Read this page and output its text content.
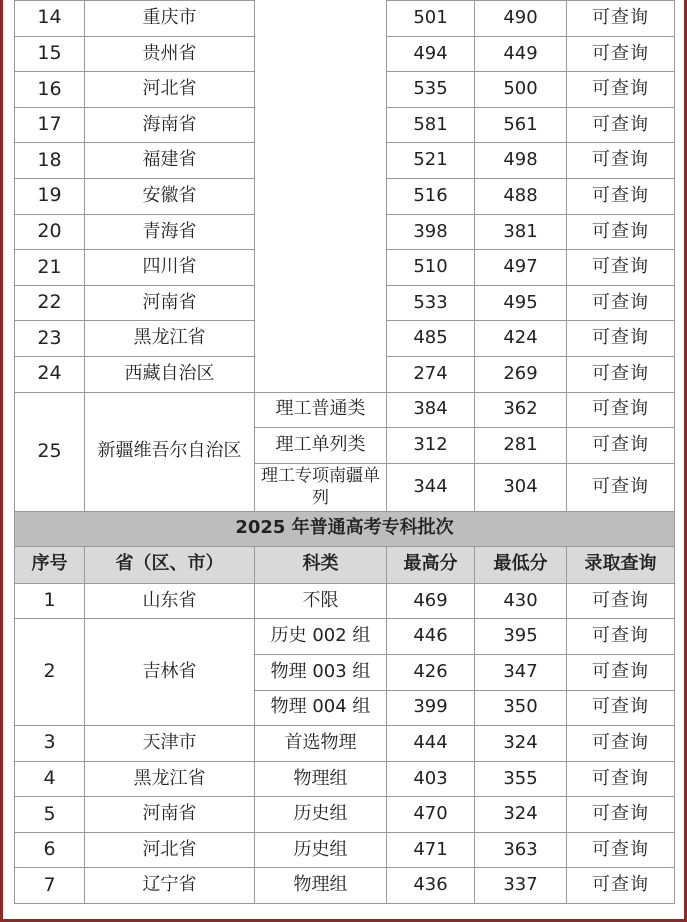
14	重庆市		501	490	可查询
15	贵州省		494	449	可查询
16	河北省		535	500	可查询
17	海南省		581	561	可查询
18	福建省		521	498	可查询
19	安徽省		516	488	可查询
20	青海省		398	381	可查询
21	四川省		510	497	可查询
22	河南省		533	495	可查询
23	黑龙江省		485	424	可查询
24	西藏自治区		274	269	可查询
25	新疆维吾尔自治区	理工普通类	384	362	可查询
		理工单列类	312	281	可查询
		理工专项南疆单列	344	304	可查询
2025 年普通高考专科批次					
序号	省（区、市）	科类	最高分	最低分	录取查询
1	山东省	不限	469	430	可查询
2	吉林省	历史 002 组	446	395	可查询
		物理 003 组	426	347	可查询
		物理 004 组	399	350	可查询
3	天津市	首选物理	444	324	可查询
4	黑龙江省	物理组	403	355	可查询
5	河南省	历史组	470	324	可查询
6	河北省	历史组	471	363	可查询
7	辽宁省	物理组	436	337	可查询
